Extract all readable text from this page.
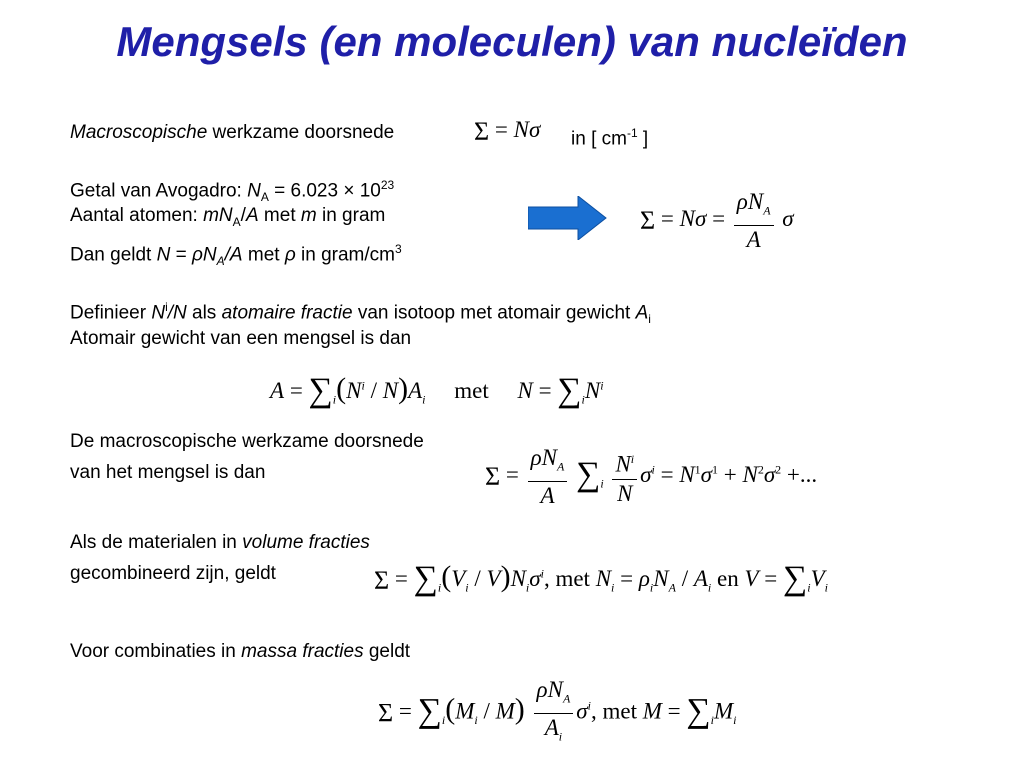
Mengsels (en moleculen) van nucleïden
Macroscopische werkzame doorsnede	Σ = Nσ in [ $cm^{-1}$ ]
Getal van Avogadro: $N_A = 6.023 \times 10^{23}$
Aantal atomen: $mN_A/A$ met m in gram
Dan geldt $N = \rho N_A/A$ met ρ in gram/$cm^3$
$\Sigma = N\sigma = \frac{\rho N_A}{A}$ σ
Definieer $N^i/N$ als atomaire fractie van isotoop met atomair gewicht $A_i$
Atomair gewicht van een mengsel is dan
$A = \sum_i(N^i / N)A_i$ met $N = \sum_iN^i$
De macroscopische werkzame doorsnede
van het mengsel is dan	$\Sigma = \frac{\rho N_A}{A} \sum_i \frac{N^i}{N} \sigma^i = N^1\sigma^1 + N^2\sigma^2$ +...
Als de materialen in volume fracties
gecombineerd zijn, geldt	$\Sigma = \sum_i(V_i / V)N_i\sigma^i$, met $N_i = \rho_iN_A / A_i$ en $V = \sum_iV_i$
Voor combinaties in massa fracties geldt
$\Sigma = \sum_i(M_i / M) \frac{\rho N_A}{A_i} \sigma^i$, met $M = \sum_iM_i$
